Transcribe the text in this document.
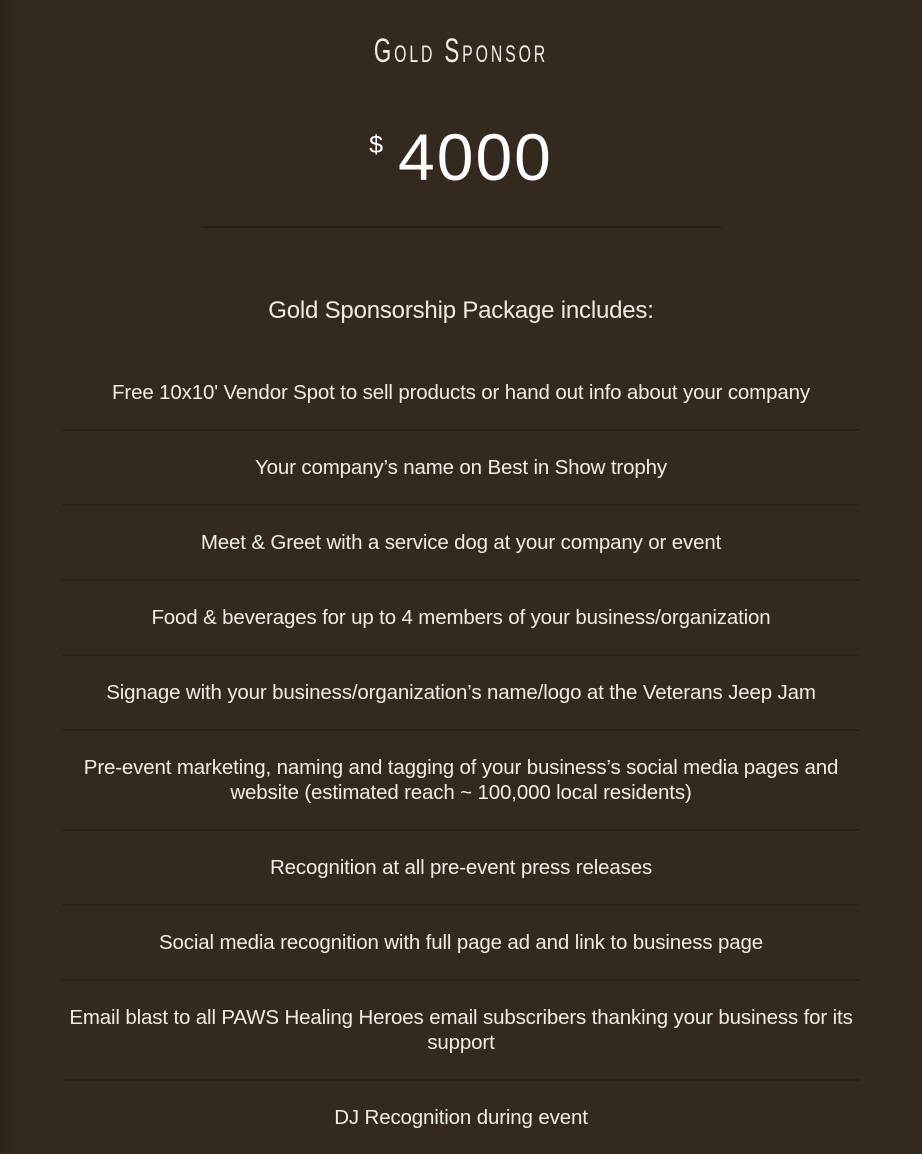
Gold Sponsor
$ 4000
Gold Sponsorship Package includes:

Free 10x10' Vendor Spot to sell products or hand out info about your company

Your company’s name on Best in Show trophy

Meet & Greet with a service dog at your company or event

Food & beverages for up to 4 members of your business/organization

Signage with your business/organization’s name/logo at the Veterans Jeep Jam

Pre-event marketing, naming and tagging of your business’s social media pages and website (estimated reach ~ 100,000 local residents)

Recognition at all pre-event press releases

Social media recognition with full page ad and link to business page

Email blast to all PAWS Healing Heroes email subscribers thanking your business for its support

DJ Recognition during event
